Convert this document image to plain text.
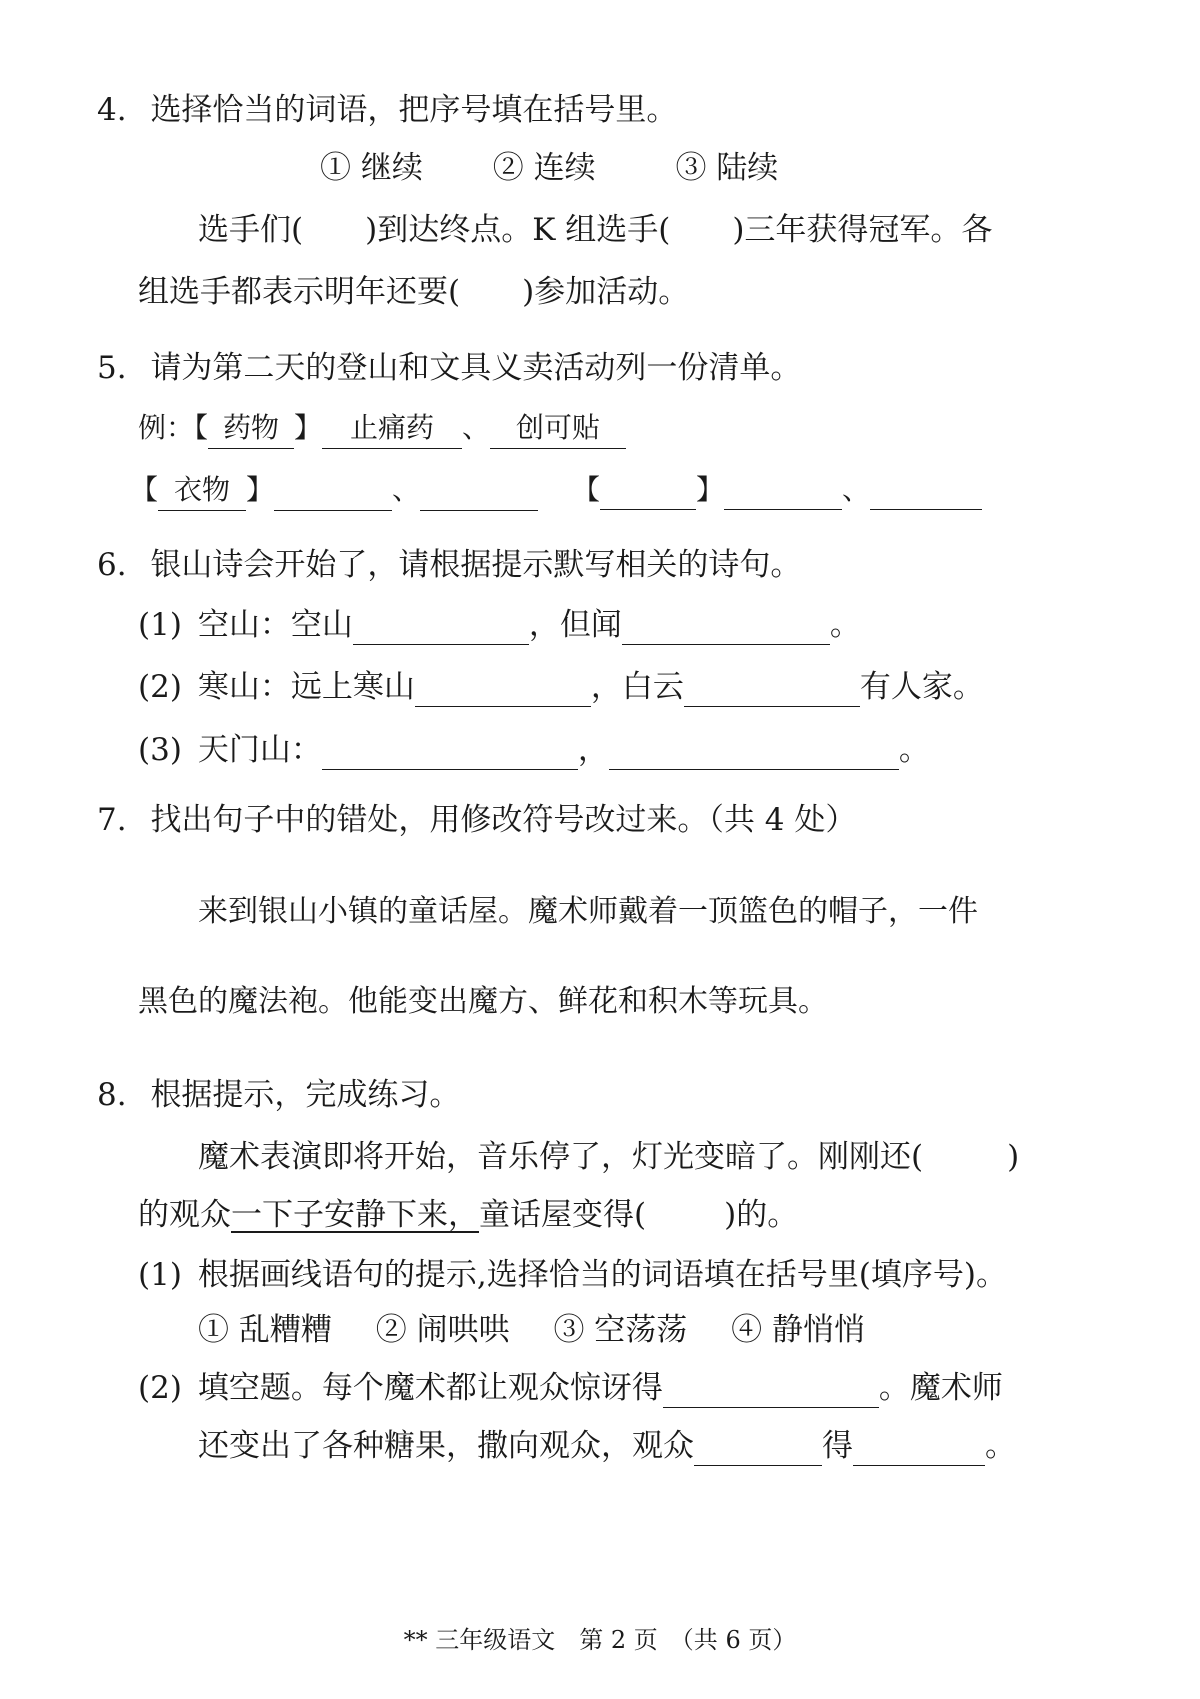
4. 选择恰当的词语，把序号填在括号里。
① 继续 ② 连续	③ 陆续
选手们( )到达终点。K 组选手( )三年获得冠军。各
组选手都表示明年还要( )参加活动。
5. 请为第二天的登山和文具义卖活动列一份清单。
例：【 药物 】 止痛药 、 创可贴
【 衣物 】	、	【	】	、
6. 银山诗会开始了，请根据提示默写相关的诗句。
(1) 空山：空山	，但闻	。
(2) 寒山：远上寒山	，白云	有人家。
(3) 天门山：	，	。
7. 找出句子中的错处，用修改符号改过来。（共 4 处）
来到银山小镇的童话屋。魔术师戴着一顶篮色的帽子，一件
黑色的魔法袍。他能变出魔方、鲜花和积木等玩具。
8. 根据提示，完成练习。
魔术表演即将开始，音乐停了，灯光变暗了。刚刚还(	)
的观众一下子安静下来，童话屋变得(	)的。
(1) 根据画线语句的提示,选择恰当的词语填在括号里(填序号)。
① 乱糟糟 ② 闹哄哄 ③ 空荡荡 ④ 静悄悄
(2) 填空题。每个魔术都让观众惊讶得	。魔术师
还变出了各种糖果，撒向观众，观众	得	。
** 三年级语文　第 2 页　（共 6 页）
